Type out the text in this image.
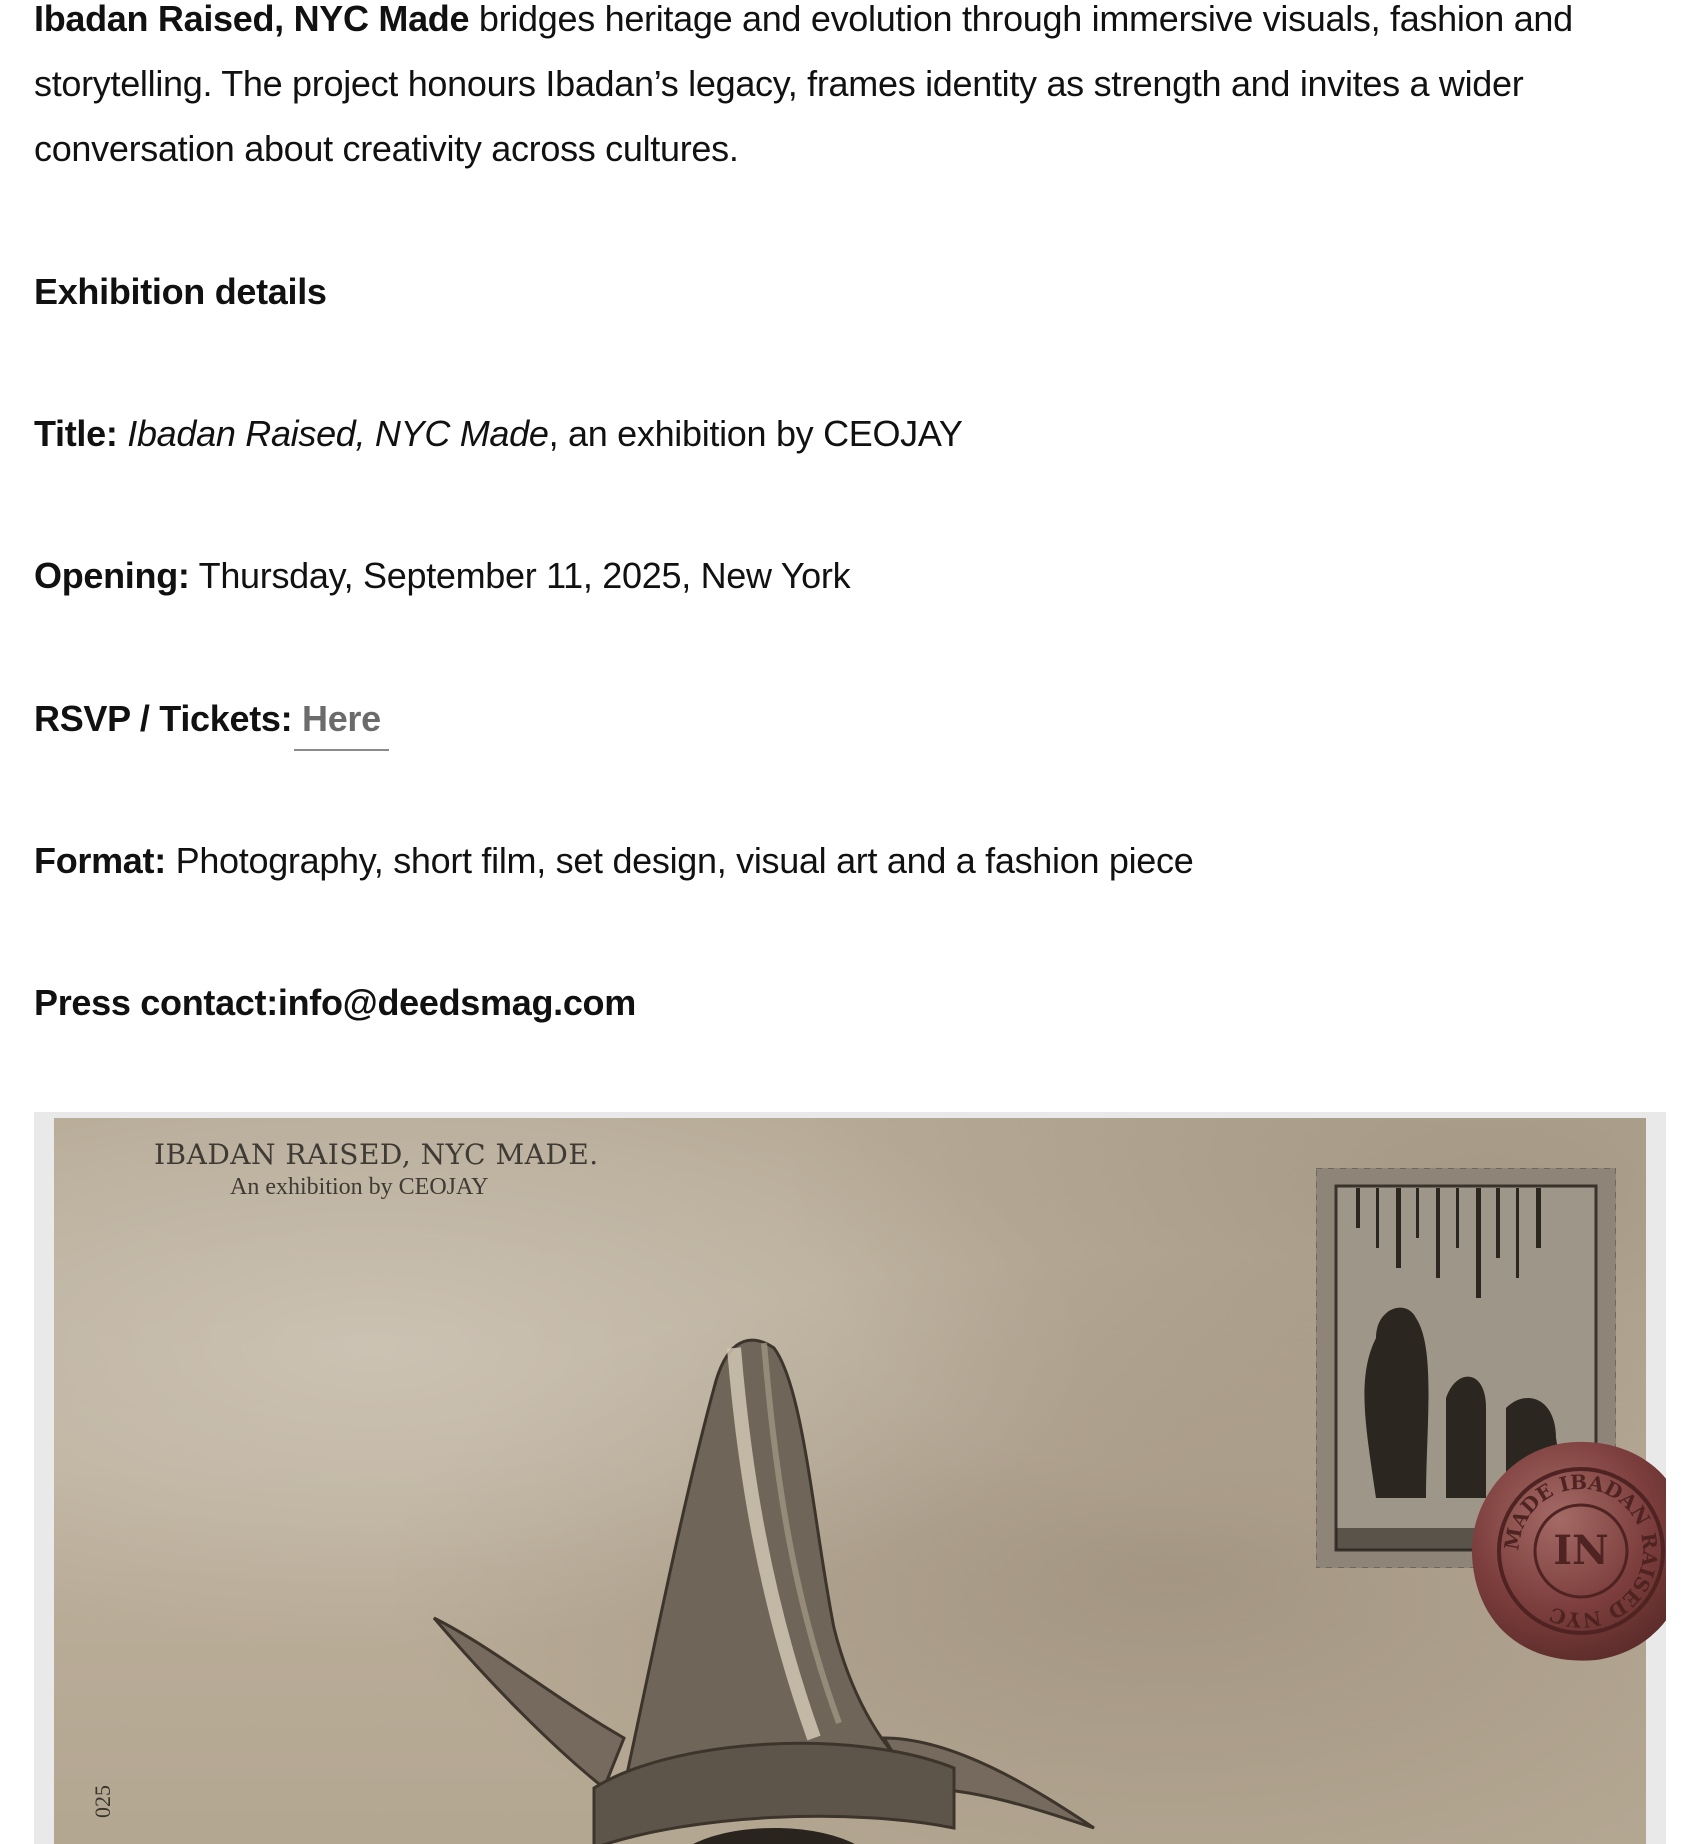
Ibadan Raised, NYC Made bridges heritage and evolution through immersive visuals, fashion and storytelling. The project honours Ibadan’s legacy, frames identity as strength and invites a wider conversation about creativity across cultures.

Exhibition details
Title: Ibadan Raised, NYC Made, an exhibition by CEOJAY
Opening: Thursday, September 11, 2025, New York
RSVP / Tickets: Here
Format: Photography, short film, set design, visual art and a fashion piece
Press contact:info@deedsmag.com
IBADAN RAISED, NYC MADE.
An exhibition by CEOJAY
MADE IBADAN RAISED NYC
IN
025
